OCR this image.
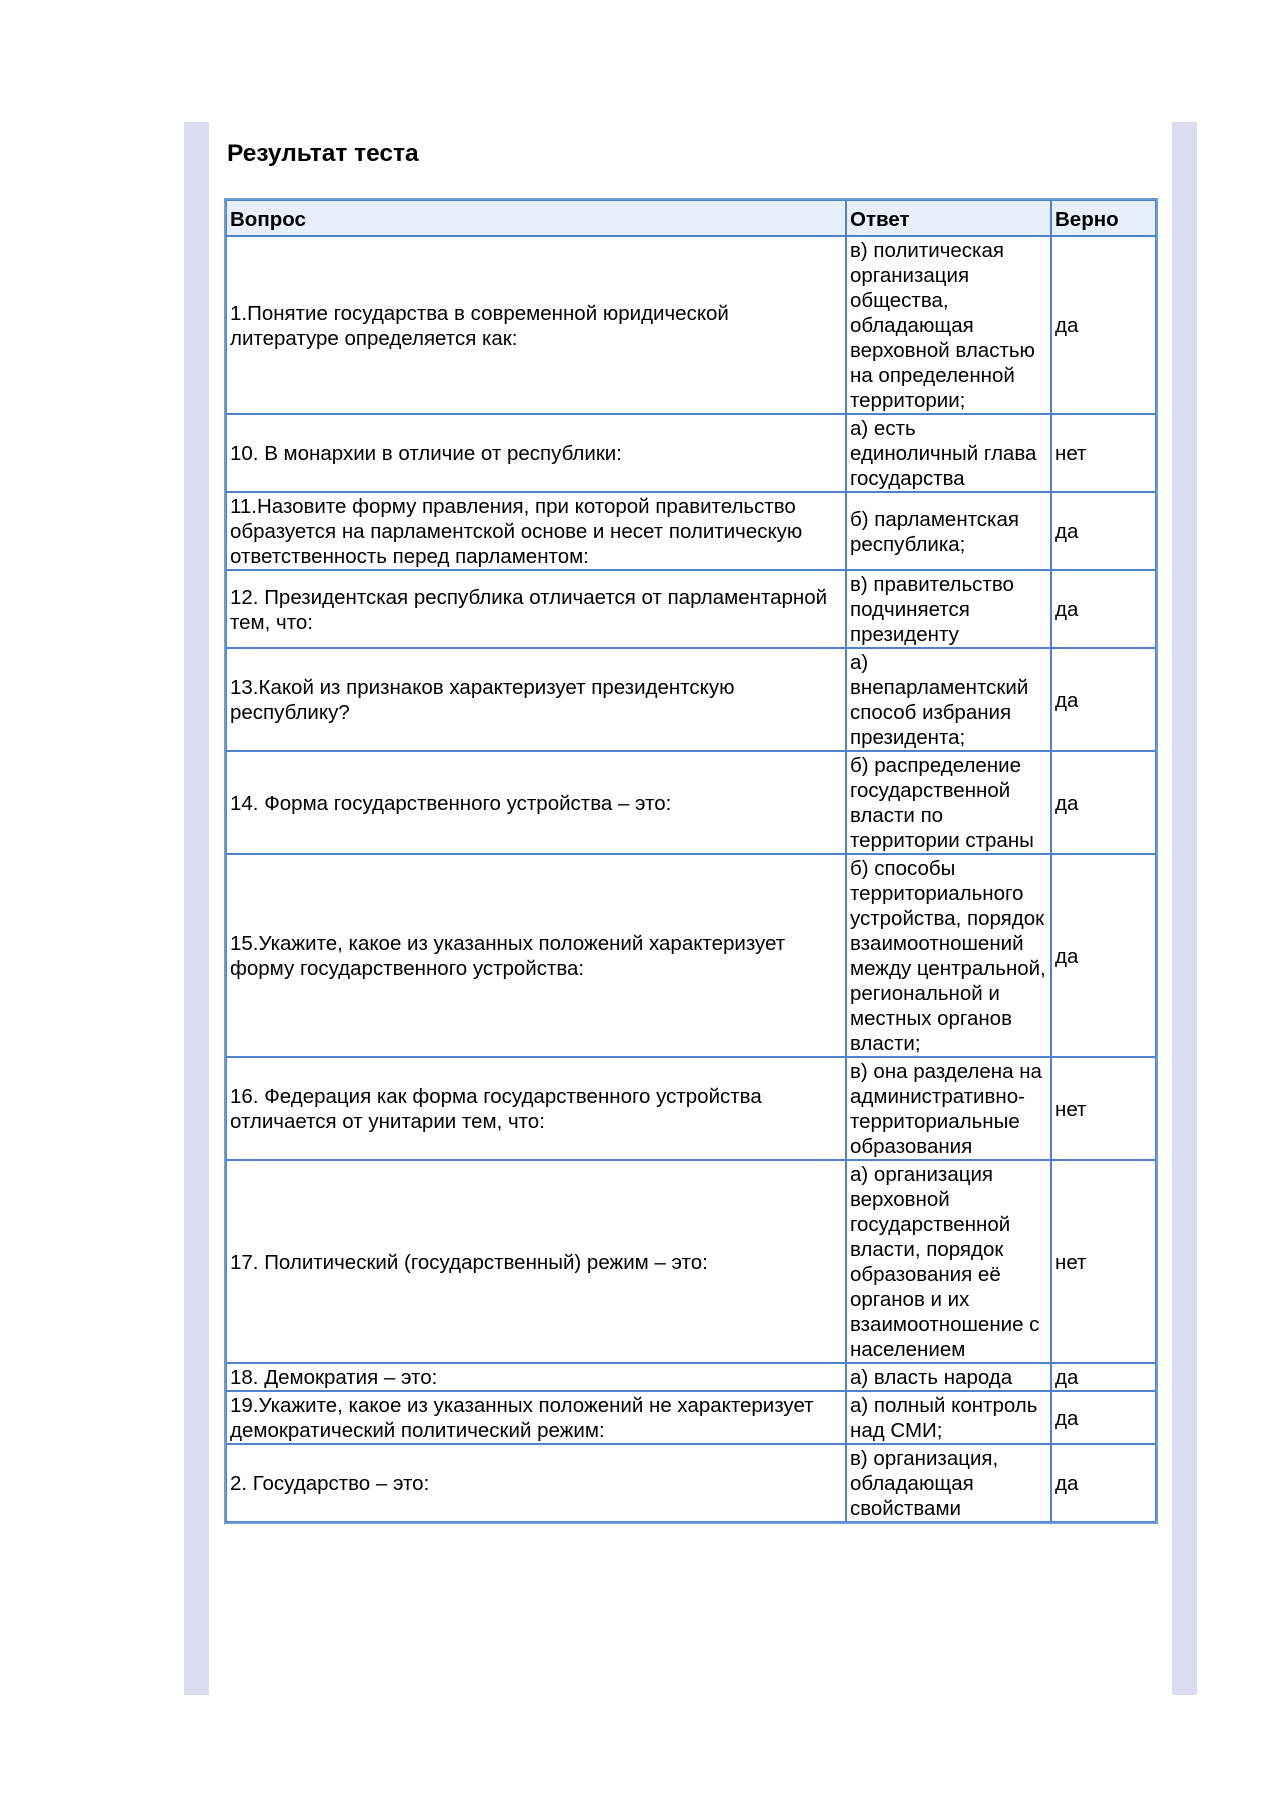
Результат теста
Вопрос	Ответ	Верно
1.Понятие государства в современной юридической литературе определяется как:	в) политическая организация общества, обладающая верховной властью на определенной территории;	да
10. В монархии в отличие от республики:	а) есть единоличный глава государства	нет
11.Назовите форму правления, при которой правительство образуется на парламентской основе и несет политическую ответственность перед парламентом:	б) парламентская республика;	да
12. Президентская республика отличается от парламентарной тем, что:	в) правительство подчиняется президенту	да
13.Какой из признаков характеризует президентскую республику?	а) внепарламентский способ избрания президента;	да
14. Форма государственного устройства – это:	б) распределение государственной власти по территории страны	да
15.Укажите, какое из указанных положений характеризует форму государственного устройства:	б) способы территориального устройства, порядок взаимоотношений между центральной, региональной и местных органов власти;	да
16. Федерация как форма государственного устройства отличается от унитарии тем, что:	в) она разделена на административно-территориальные образования	нет
17. Политический (государственный) режим – это:	а) организация верховной государственной власти, порядок образования её органов и их взаимоотношение с населением	нет
18. Демократия – это:	а) власть народа	да
19.Укажите, какое из указанных положений не характеризует демократический политический режим:	а) полный контроль над СМИ;	да
2. Государство – это:	в) организация, обладающая свойствами	да
